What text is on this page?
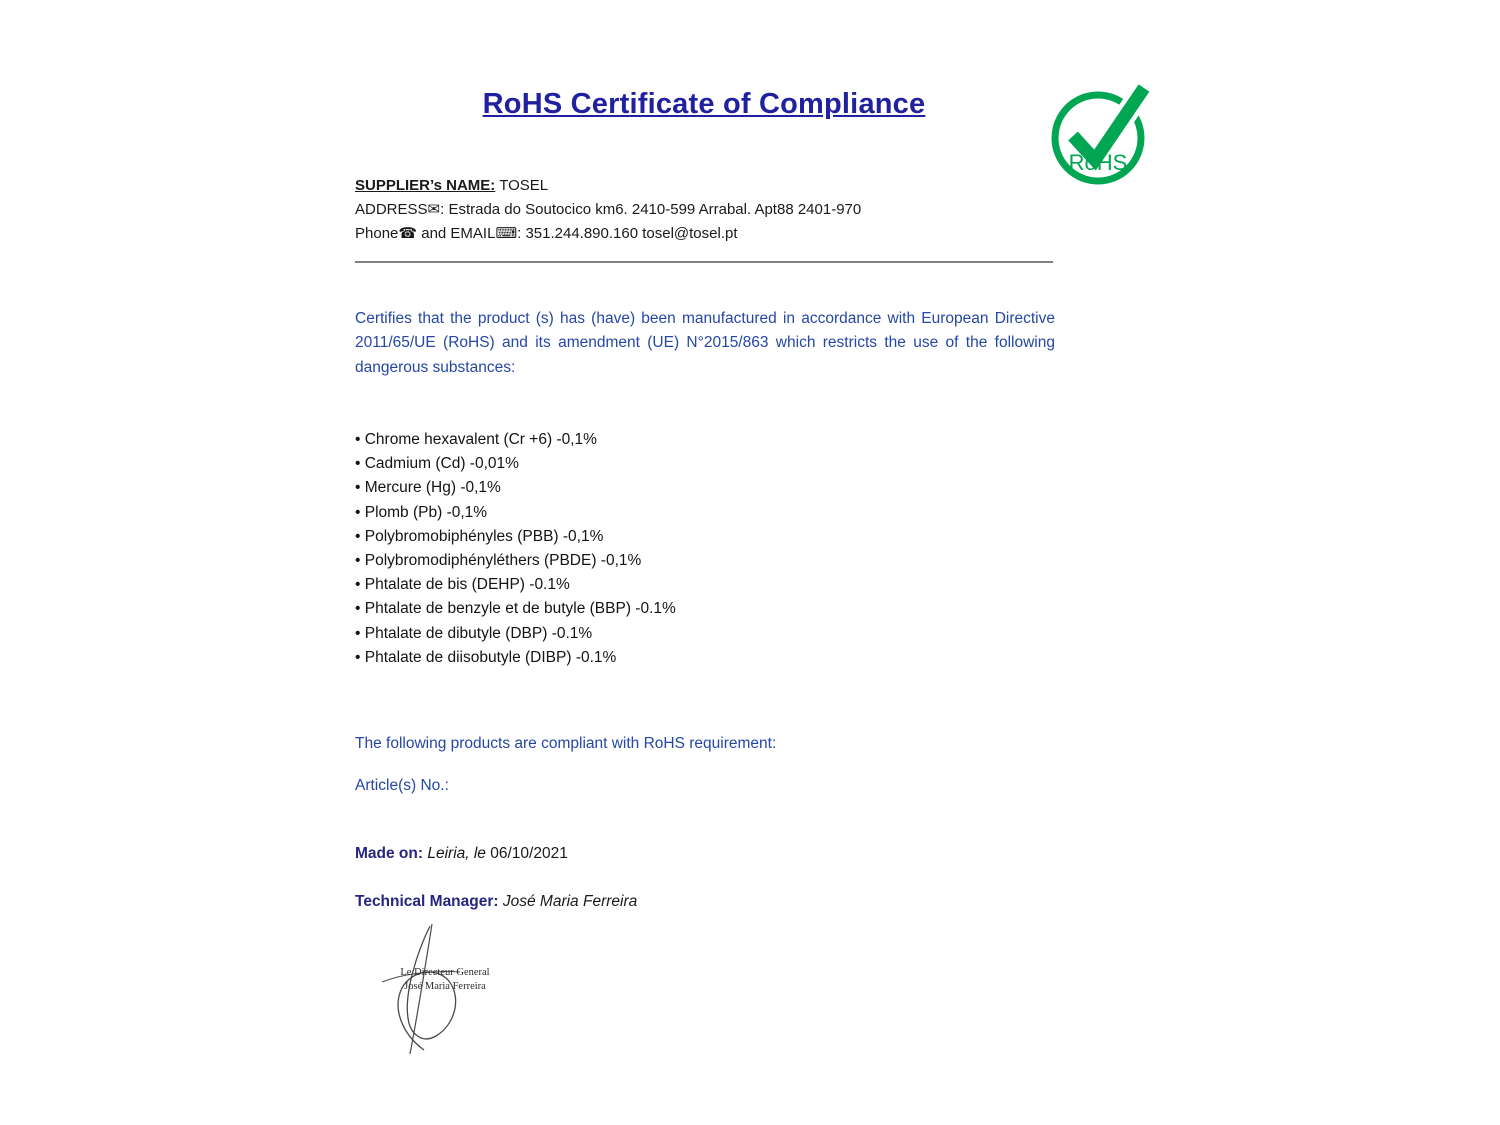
RoHS Certificate of Compliance
RoHS
SUPPLIER’s NAME: TOSEL
ADDRESS✉: Estrada do Soutocico km6. 2410-599 Arrabal. Apt88 2401-970
Phone☎ and EMAIL⌨: 351.244.890.160 tosel@tosel.pt
Certifies that the product (s) has (have) been manufactured in accordance with European Directive 2011/65/UE (RoHS) and its amendment (UE) N°2015/863 which restricts the use of the following dangerous substances:
• Chrome hexavalent (Cr +6) -0,1%
• Cadmium (Cd) -0,01%
• Mercure (Hg) -0,1%
• Plomb (Pb) -0,1%
• Polybromobiphényles (PBB) -0,1%
• Polybromodiphényléthers (PBDE) -0,1%
• Phtalate de bis (DEHP) -0.1%
• Phtalate de benzyle et de butyle (BBP) -0.1%
• Phtalate de dibutyle (DBP) -0.1%
• Phtalate de diisobutyle (DIBP) -0.1%
The following products are compliant with RoHS requirement:
Article(s) No.:
Made on: Leiria, le 06/10/2021
Technical Manager: José Maria Ferreira
Le Directeur General
José Maria Ferreira
